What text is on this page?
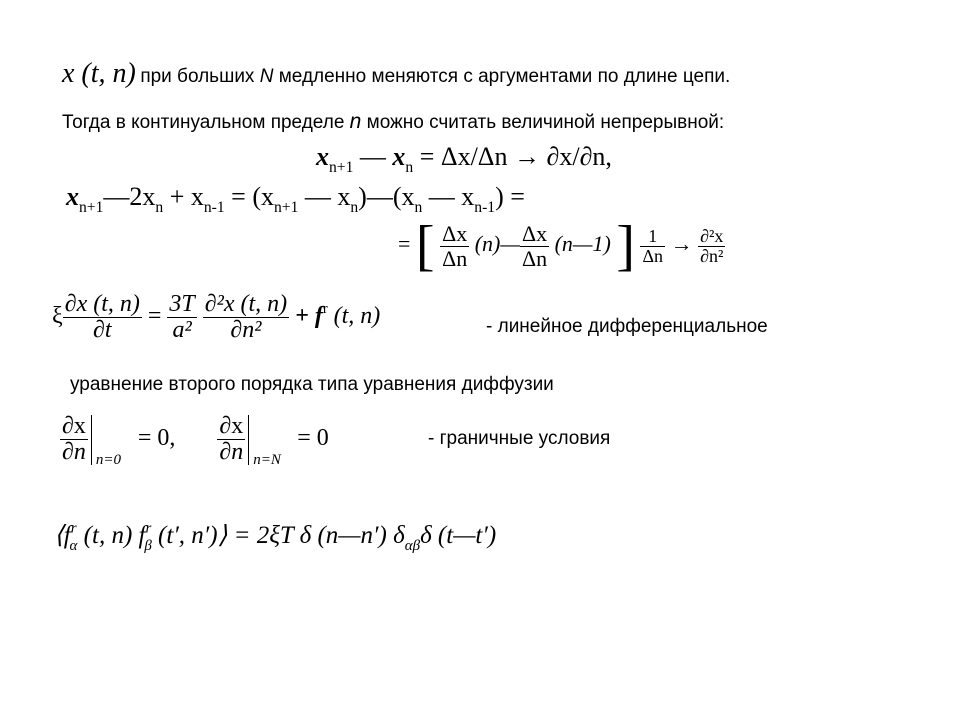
x (t, n) при больших N медленно меняются с аргументами по длине цепи.
Тогда в континуальном пределе n можно считать величиной непрерывной:
$x_{n+1}$ — $x_n = \Delta x/\Delta n \to \partial x/\partial n$,
$x_{n+1}—2x_n + x_{n-1} = (x_{n+1}$ — $x_n)—(x_n$ — $x_{n-1}$) =
= [ $\frac{\Delta x}{\Delta n}$ (n)— $\frac{\Delta x}{\Delta n}$ (n—1) ] $\frac{1}{\Delta n} \to \frac{\text{∂²x}}{\text{∂n²}}$
ξ $\frac{\partial x (t, n)}{\partial t} = \frac{3T}{\text{a²}}$
$\frac{\text{∂²x (t, n)}}{\text{∂n²}} + f^r$ (t, n)	- линейное дифференциальное
уравнение второго порядка типа уравнения диффузии
$\frac{\partial x}{\partial n} n=0$
= 0, $\frac{\partial x}{\partial n} n=N$
= 0	- граничные условия
$⟨f^r_\alpha$ (t, n) $f^r_\beta$ (t′, n′)⟩ = 2ξT δ (n—n′) $\delta_{\alpha\beta}\delta$ (t—t′)
